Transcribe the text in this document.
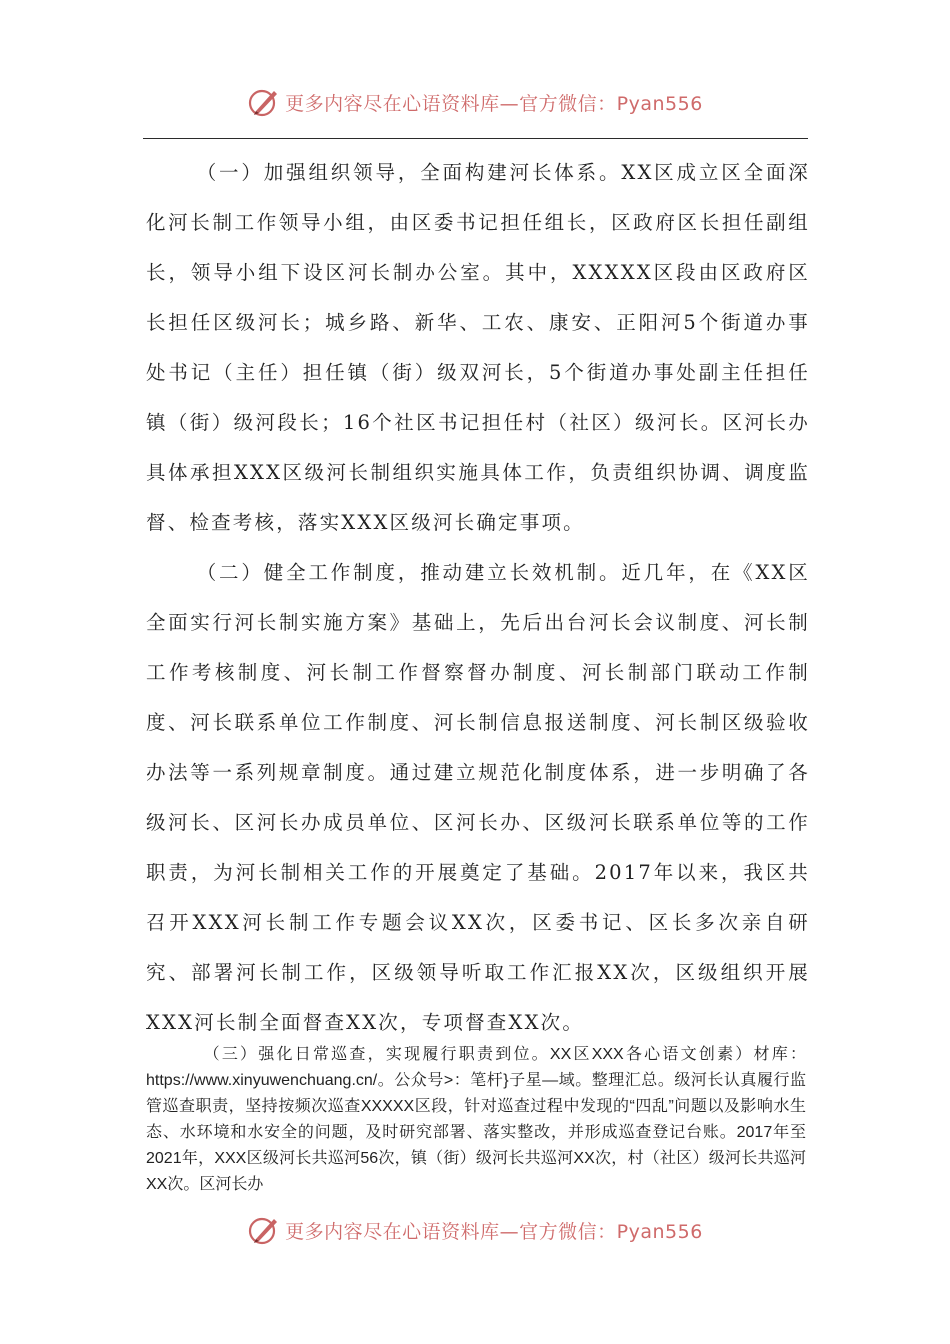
更多内容尽在心语资料库—官方微信：Pyan556

（一）加强组织领导，全面构建河长体系。XX区成立区全面深化河长制工作领导小组，由区委书记担任组长，区政府区长担任副组长，领导小组下设区河长制办公室。其中，XXXXX区段由区政府区长担任区级河长；城乡路、新华、工农、康安、正阳河5个街道办事处书记（主任）担任镇（街）级双河长，5个街道办事处副主任担任镇（街）级河段长；16个社区书记担任村（社区）级河长。区河长办具体承担XXX区级河长制组织实施具体工作，负责组织协调、调度监督、检查考核，落实XXX区级河长确定事项。

（二）健全工作制度，推动建立长效机制。近几年，在《XX区全面实行河长制实施方案》基础上，先后出台河长会议制度、河长制工作考核制度、河长制工作督察督办制度、河长制部门联动工作制度、河长联系单位工作制度、河长制信息报送制度、河长制区级验收办法等一系列规章制度。通过建立规范化制度体系，进一步明确了各级河长、区河长办成员单位、区河长办、区级河长联系单位等的工作职责，为河长制相关工作的开展奠定了基础。2017年以来，我区共召开XXX河长制工作专题会议XX次，区委书记、区长多次亲自研究、部署河长制工作，区级领导听取工作汇报XX次，区级组织开展XXX河长制全面督查XX次，专项督查XX次。

（三）强化日常巡查，实现履行职责到位。XX区XXX各心语文创素）材库：https://www.xinyuwenchuang.cn/。公众号>：笔杆}子星—域。整理汇总。级河长认真履行监管巡查职责，坚持按频次巡查XXXXX区段，针对巡查过程中发现的“四乱”问题以及影响水生态、水环境和水安全的问题，及时研究部署、落实整改，并形成巡查登记台账。2017年至2021年，XXX区级河长共巡河56次，镇（街）级河长共巡河XX次，村（社区）级河长共巡河XX次。区河长办

更多内容尽在心语资料库—官方微信：Pyan556
